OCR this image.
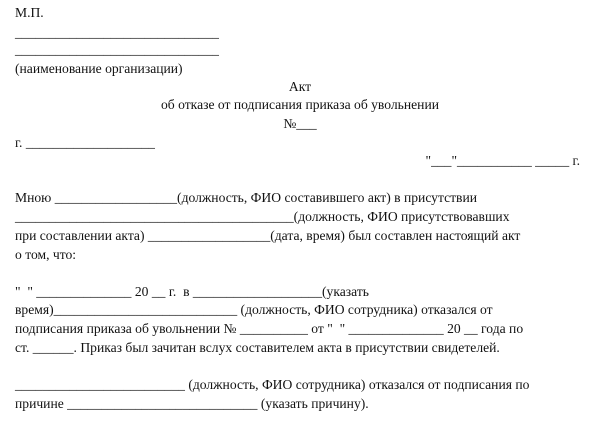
М.П.
______________________________
______________________________
(наименование организации)
Акт
об отказе от подписания приказа об увольнении
№___
г. ___________________
"___"___________ _____ г.
Мною __________________(должность, ФИО составившего акт) в присутствии
_________________________________________(должность, ФИО присутствовавших
при составлении акта) __________________(дата, время) был составлен настоящий акт
о том, что:
"  " ______________ 20 __ г.  в ___________________(указать
время)___________________________ (должность, ФИО сотрудника) отказался от
подписания приказа об увольнении № __________ от "  " ______________ 20 __ года по
ст. ______. Приказ был зачитан вслух составителем акта в присутствии свидетелей.
_________________________ (должность, ФИО сотрудника) отказался от подписания по
причине ____________________________ (указать причину).
